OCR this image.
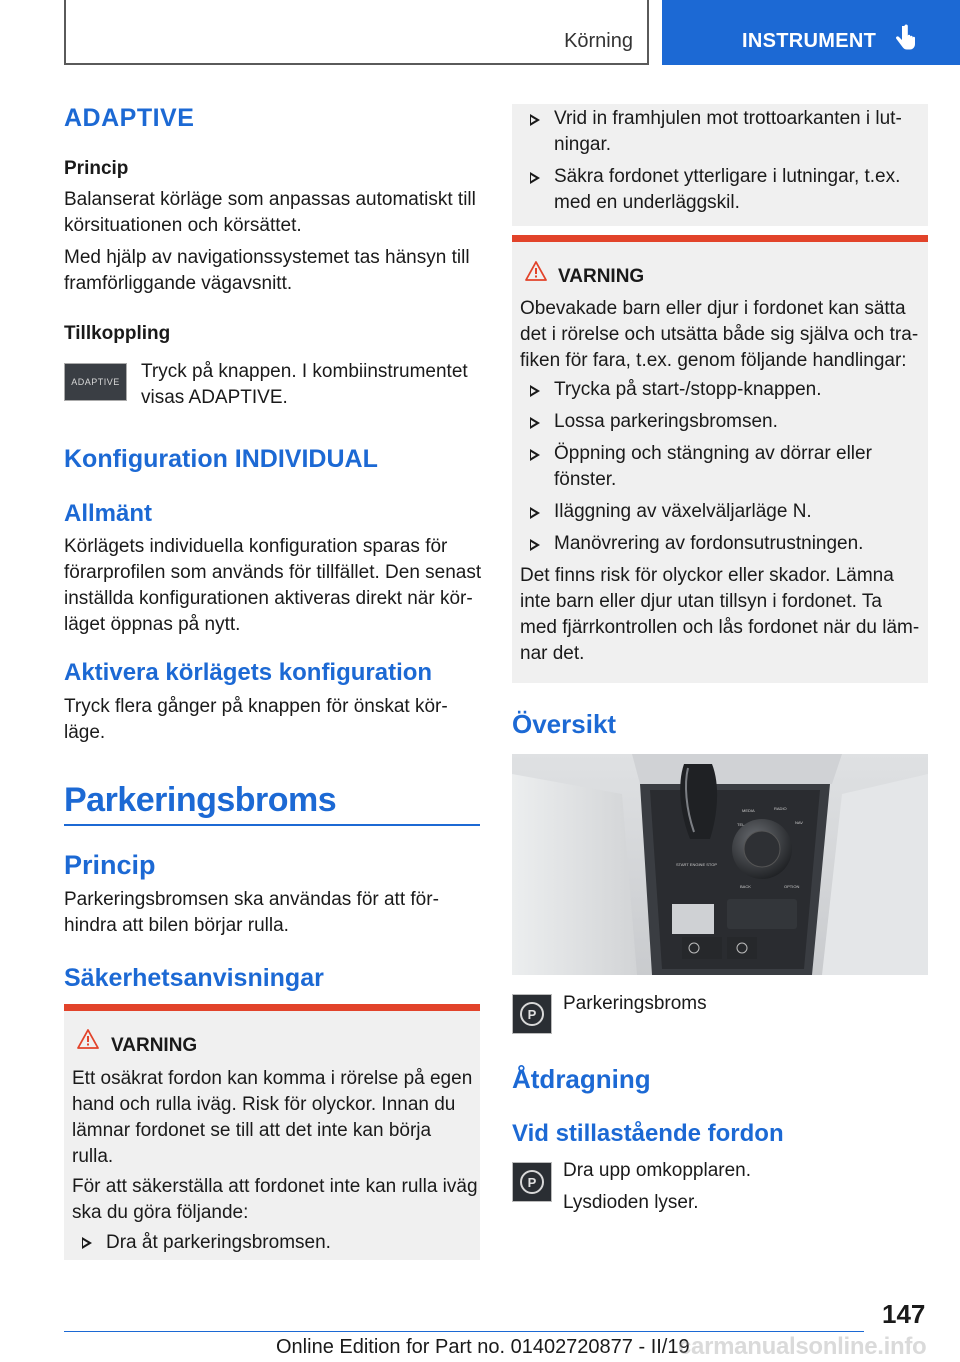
Körning	INSTRUMENT
ADAPTIVE
Princip
Balanserat körläge som anpassas automatiskt till
körsituationen och körsättet.
Med hjälp av navigationssystemet tas hänsyn till
framförliggande vägavsnitt.
Tillkoppling
ADAPTIVE Tryck på knappen. I kombiinstrumentet
visas ADAPTIVE.
Konfiguration INDIVIDUAL
Allmänt
Körlägets individuella konfiguration sparas för
förarprofilen som används för tillfället. Den senast
inställda konfigurationen aktiveras direkt när kör-
läget öppnas på nytt.
Aktivera körlägets konfiguration
Tryck flera gånger på knappen för önskat kör-
läge.
Parkeringsbroms
Princip
Parkeringsbromsen ska användas för att för-
hindra att bilen börjar rulla.
Säkerhetsanvisningar
VARNING
Ett osäkrat fordon kan komma i rörelse på egen
hand och rulla iväg. Risk för olyckor. Innan du
lämnar fordonet se till att det inte kan börja
rulla.
För att säkerställa att fordonet inte kan rulla iväg
ska du göra följande:
Dra åt parkeringsbromsen.
Vrid in framhjulen mot trottoarkanten i lut-
ningar.
Säkra fordonet ytterligare i lutningar, t.ex.
med en underläggskil.
VARNING
Obevakade barn eller djur i fordonet kan sätta
det i rörelse och utsätta både sig själva och tra-
fiken för fara, t.ex. genom följande handlingar:
Trycka på start-/stopp-knappen.
Lossa parkeringsbromsen.
Öppning och stängning av dörrar eller
fönster.
Iläggning av växelväljarläge N.
Manövrering av fordonsutrustningen.
Det finns risk för olyckor eller skador. Lämna
inte barn eller djur utan tillsyn i fordonet. Ta
med fjärrkontrollen och lås fordonet när du läm-
nar det.
Översikt
MEDIA	RADIO
TEL	NAV
BACK	OPTION
START ENGINE STOP
P	Parkeringsbroms
Åtdragning
Vid stillastående fordon
P
Dra upp omkopplaren.
Lysdioden lyser.
147
Online Edition for Part no. 01402720877 - II/19
carmanualsonline.info
